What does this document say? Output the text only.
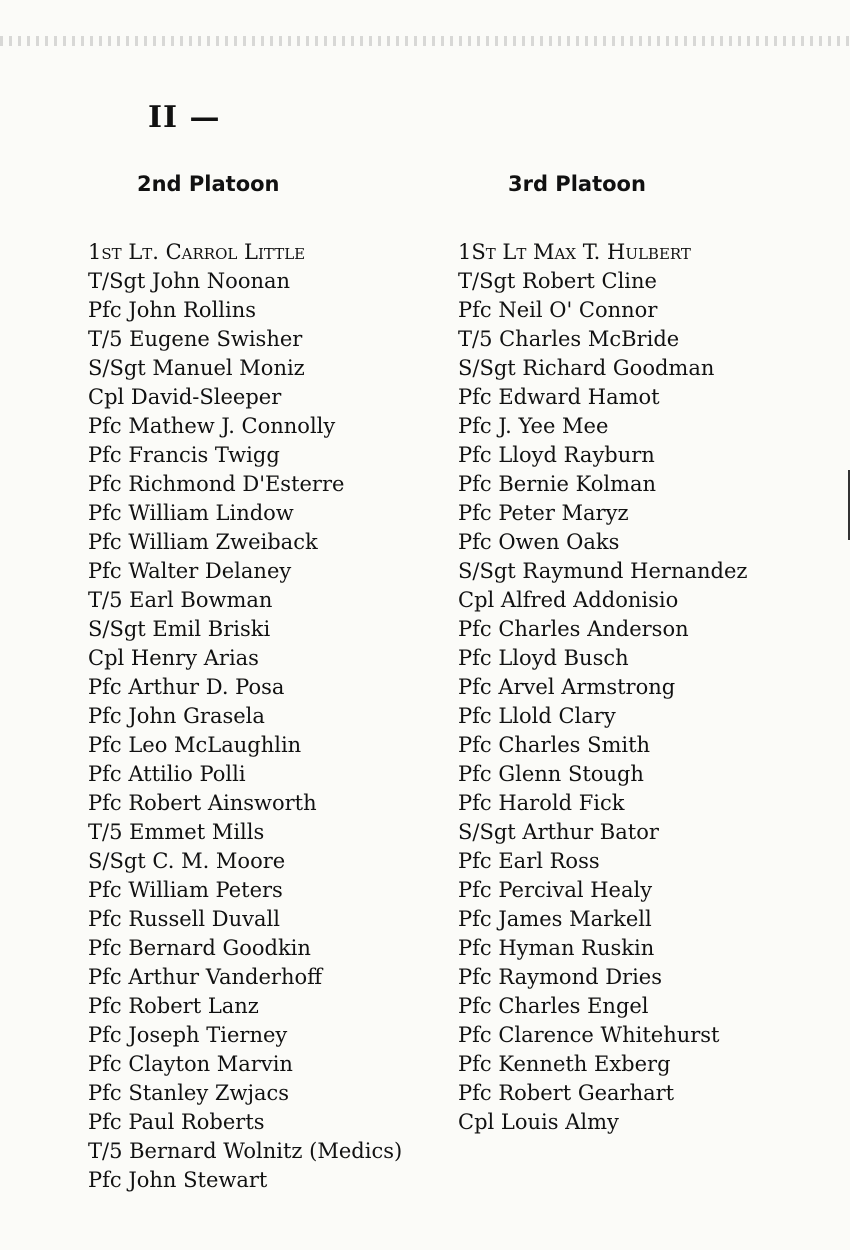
II —
2nd Platoon	3rd Platoon
1st Lt. Carrol Little
T/Sgt John Noonan
Pfc John Rollins
T/5 Eugene Swisher
S/Sgt Manuel Moniz
Cpl David-Sleeper
Pfc Mathew J. Connolly
Pfc Francis Twigg
Pfc Richmond D'Esterre
Pfc William Lindow
Pfc William Zweiback
Pfc Walter Delaney
T/5 Earl Bowman
S/Sgt Emil Briski
Cpl Henry Arias
Pfc Arthur D. Posa
Pfc John Grasela
Pfc Leo McLaughlin
Pfc Attilio Polli
Pfc Robert Ainsworth
T/5 Emmet Mills
S/Sgt C. M. Moore
Pfc William Peters
Pfc Russell Duvall
Pfc Bernard Goodkin
Pfc Arthur Vanderhoff
Pfc Robert Lanz
Pfc Joseph Tierney
Pfc Clayton Marvin
Pfc Stanley Zwjacs
Pfc Paul Roberts
T/5 Bernard Wolnitz (Medics)
Pfc John Stewart
1St Lt Max T. Hulbert
T/Sgt Robert Cline
Pfc Neil O' Connor
T/5 Charles McBride
S/Sgt Richard Goodman
Pfc Edward Hamot
Pfc J. Yee Mee
Pfc Lloyd Rayburn
Pfc Bernie Kolman
Pfc Peter Maryz
Pfc Owen Oaks
S/Sgt Raymund Hernandez
Cpl Alfred Addonisio
Pfc Charles Anderson
Pfc Lloyd Busch
Pfc Arvel Armstrong
Pfc Llold Clary
Pfc Charles Smith
Pfc Glenn Stough
Pfc Harold Fick
S/Sgt Arthur Bator
Pfc Earl Ross
Pfc Percival Healy
Pfc James Markell
Pfc Hyman Ruskin
Pfc Raymond Dries
Pfc Charles Engel
Pfc Clarence Whitehurst
Pfc Kenneth Exberg
Pfc Robert Gearhart
Cpl Louis Almy
